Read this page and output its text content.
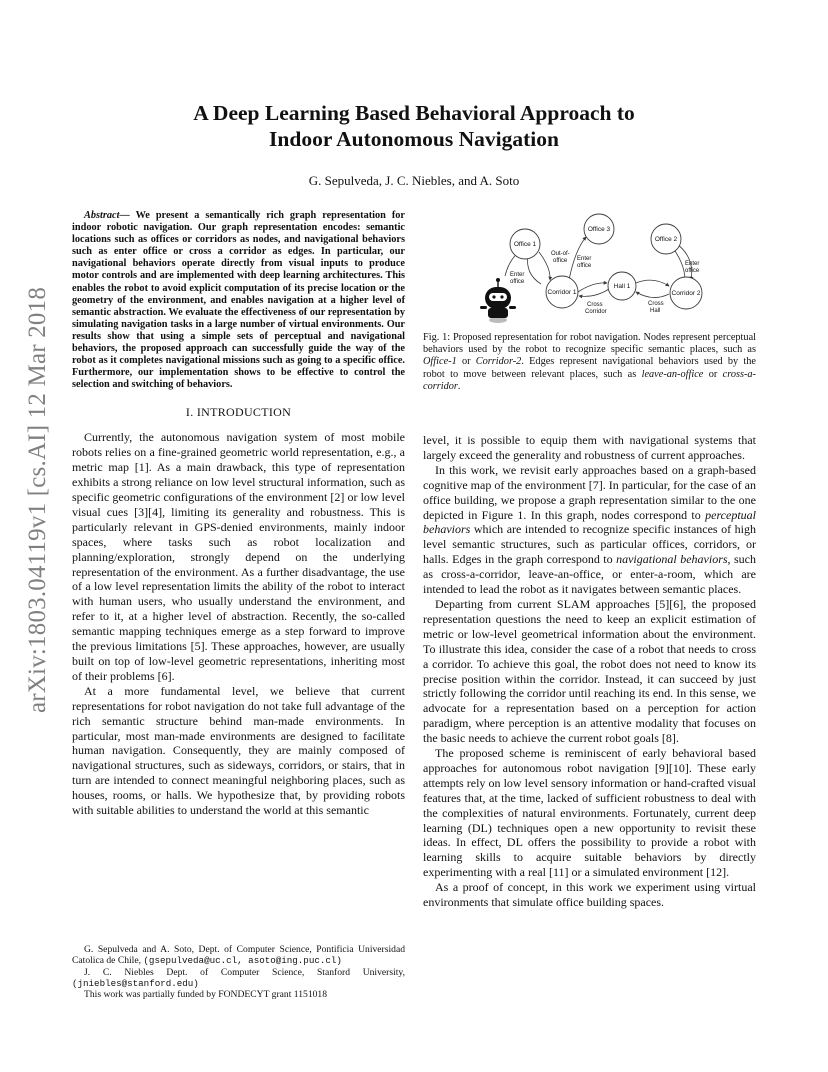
arXiv:1803.04119v1 [cs.AI] 12 Mar 2018
A Deep Learning Based Behavioral Approach to
Indoor Autonomous Navigation
G. Sepulveda, J. C. Niebles, and A. Soto

Abstract— We present a semantically rich graph representation for indoor robotic navigation. Our graph representation encodes: semantic locations such as offices or corridors as nodes, and navigational behaviors such as enter office or cross a corridor as edges. In particular, our navigational behaviors operate directly from visual inputs to produce motor controls and are implemented with deep learning architectures. This enables the robot to avoid explicit computation of its precise location or the geometry of the environment, and enables navigation at a higher level of semantic abstraction. We evaluate the effectiveness of our representation by simulating navigation tasks in a large number of virtual environments. Our results show that using a simple sets of perceptual and navigational behaviors, the proposed approach can successfully guide the way of the robot as it completes navigational missions such as going to a specific office. Furthermore, our implementation shows to be effective to control the selection and switching of behaviors.

I. INTRODUCTION

Currently, the autonomous navigation system of most mobile robots relies on a fine-grained geometric world representation, e.g., a metric map [1]. As a main drawback, this type of representation exhibits a strong reliance on low level structural information, such as specific geometric configurations of the environment [2] or low level visual cues [3][4], limiting its generality and robustness. This is particularly relevant in GPS-denied environments, mainly indoor spaces, where tasks such as robot localization and planning/exploration, strongly depend on the underlying representation of the environment. As a further disadvantage, the use of a low level representation limits the ability of the robot to interact with human users, who usually understand the environment, and refer to it, at a higher level of abstraction. Recently, the so-called semantic mapping techniques emerge as a step forward to improve the previous limitations [5]. These approaches, however, are usually built on top of low-level geometric representations, inheriting most of their problems [6].

At a more fundamental level, we believe that current representations for robot navigation do not take full advantage of the rich semantic structure behind man-made environments. In particular, most man-made environments are designed to facilitate human navigation. Consequently, they are mainly composed of navigational structures, such as sideways, corridors, or stairs, that in turn are intended to connect meaningful neighboring places, such as houses, rooms, or halls. We hypothesize that, by providing robots with suitable abilities to understand the world at this semantic

G. Sepulveda and A. Soto, Dept. of Computer Science, Pontificia Universidad Catolica de Chile, (gsepulveda@uc.cl, asoto@ing.puc.cl)

J. C. Niebles Dept. of Computer Science, Stanford University, (jniebles@stanford.edu)

This work was partially funded by FONDECYT grant 1151018

Office 1
Office 3
Office 2
Corridor 1
Hall 1
Corridor 2
Out-of-
office Enter
office	Enter
office
Enter
office
Cross
Corridor
Cross
Hall

Fig. 1: Proposed representation for robot navigation. Nodes represent perceptual behaviors used by the robot to recognize specific semantic places, such as Office-1 or Corridor-2. Edges represent navigational behaviors used by the robot to move between relevant places, such as leave-an-office or cross-a-corridor.

level, it is possible to equip them with navigational systems that largely exceed the generality and robustness of current approaches.

In this work, we revisit early approaches based on a graph-based cognitive map of the environment [7]. In particular, for the case of an office building, we propose a graph representation similar to the one depicted in Figure 1. In this graph, nodes correspond to perceptual behaviors which are intended to recognize specific instances of high level semantic structures, such as particular offices, corridors, or halls. Edges in the graph correspond to navigational behaviors, such as cross-a-corridor, leave-an-office, or enter-a-room, which are intended to lead the robot as it navigates between semantic places.

Departing from current SLAM approaches [5][6], the proposed representation questions the need to keep an explicit estimation of metric or low-level geometrical information about the environment. To illustrate this idea, consider the case of a robot that needs to cross a corridor. To achieve this goal, the robot does not need to know its precise position within the corridor. Instead, it can succeed by just strictly following the corridor until reaching its end. In this sense, we advocate for a representation based on a perception for action paradigm, where perception is an attentive modality that focuses on the basic needs to achieve the current robot goals [8].

The proposed scheme is reminiscent of early behavioral based approaches for autonomous robot navigation [9][10]. These early attempts rely on low level sensory information or hand-crafted visual features that, at the time, lacked of sufficient robustness to deal with the complexities of natural environments. Fortunately, current deep learning (DL) techniques open a new opportunity to revisit these ideas. In effect, DL offers the possibility to provide a robot with learning skills to acquire suitable behaviors by directly experimenting with a real [11] or a simulated environment [12].

As a proof of concept, in this work we experiment using virtual environments that simulate office building spaces.
